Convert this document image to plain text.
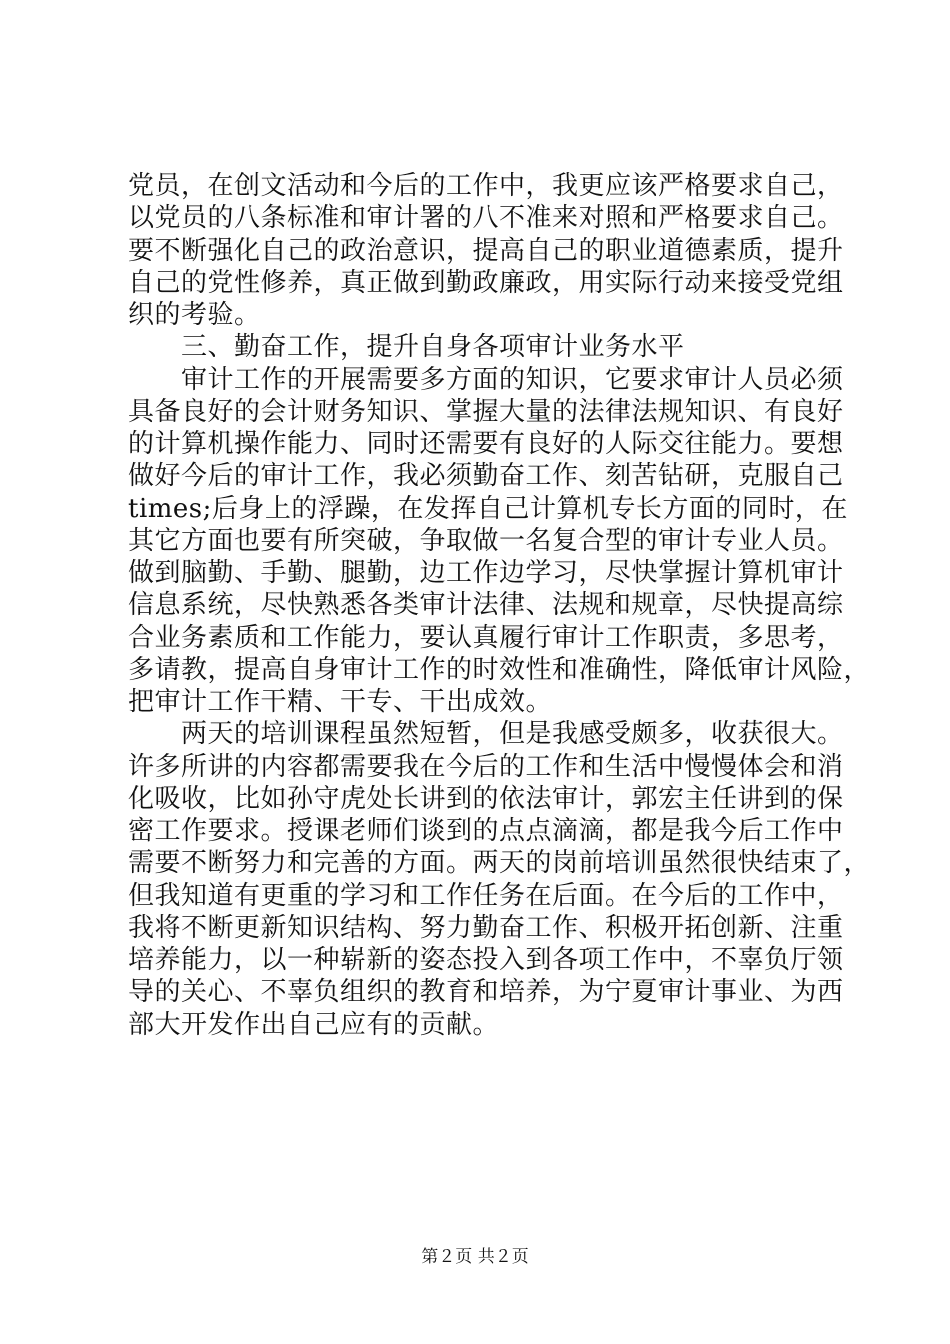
党员，在创文活动和今后的工作中，我更应该严格要求自己，
以党员的八条标准和审计署的八不准来对照和严格要求自己。
要不断强化自己的政治意识，提高自己的职业道德素质，提升
自己的党性修养，真正做到勤政廉政，用实际行动来接受党组
织的考验。
　　三、勤奋工作，提升自身各项审计业务水平
　　审计工作的开展需要多方面的知识，它要求审计人员必须
具备良好的会计财务知识、掌握大量的法律法规知识、有良好
的计算机操作能力、同时还需要有良好的人际交往能力。要想
做好今后的审计工作，我必须勤奋工作、刻苦钻研，克服自己
times;后身上的浮躁，在发挥自己计算机专长方面的同时，在
其它方面也要有所突破，争取做一名复合型的审计专业人员。
做到脑勤、手勤、腿勤，边工作边学习，尽快掌握计算机审计
信息系统，尽快熟悉各类审计法律、法规和规章，尽快提高综
合业务素质和工作能力，要认真履行审计工作职责，多思考，
多请教，提高自身审计工作的时效性和准确性，降低审计风险，
把审计工作干精、干专、干出成效。
　　两天的培训课程虽然短暂，但是我感受颇多，收获很大。
许多所讲的内容都需要我在今后的工作和生活中慢慢体会和消
化吸收，比如孙守虎处长讲到的依法审计，郭宏主任讲到的保
密工作要求。授课老师们谈到的点点滴滴，都是我今后工作中
需要不断努力和完善的方面。两天的岗前培训虽然很快结束了，
但我知道有更重的学习和工作任务在后面。在今后的工作中，
我将不断更新知识结构、努力勤奋工作、积极开拓创新、注重
培养能力，以一种崭新的姿态投入到各项工作中，不辜负厅领
导的关心、不辜负组织的教育和培养，为宁夏审计事业、为西
部大开发作出自己应有的贡献。
第２页 共２页
